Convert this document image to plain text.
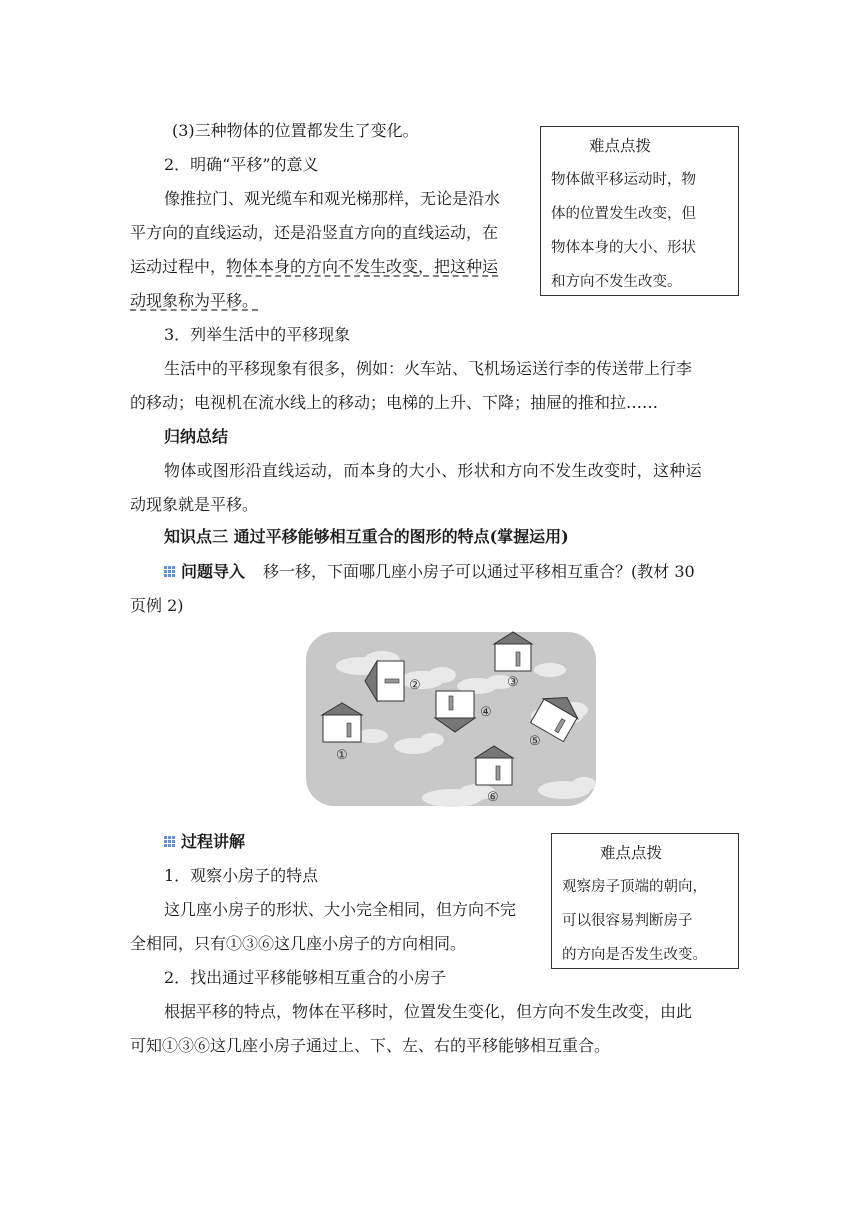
(3)三种物体的位置都发生了变化。
2．明确“平移”的意义
像推拉门、观光缆车和观光梯那样，无论是沿水
平方向的直线运动，还是沿竖直方向的直线运动，在
运动过程中，物体本身的方向不发生改变，把这种运
动现象称为平移。
难点点拨
物体做平移运动时，物
体的位置发生改变，但
物体本身的大小、形状
和方向不发生改变。
3．列举生活中的平移现象
生活中的平移现象有很多，例如：火车站、飞机场运送行李的传送带上行李
的移动；电视机在流水线上的移动；电梯的上升、下降；抽屉的推和拉……
归纳总结
物体或图形沿直线运动，而本身的大小、形状和方向不发生改变时，这种运
动现象就是平移。
知识点三 通过平移能够相互重合的图形的特点(掌握运用)
问题导入 移一移，下面哪几座小房子可以通过平移相互重合？(教材 30
页例 2)
①
②	③
④
⑤
⑥
过程讲解
1．观察小房子的特点
这几座小房子的形状、大小完全相同，但方向不完
全相同，只有①③⑥这几座小房子的方向相同。
难点点拨
观察房子顶端的朝向，
可以很容易判断房子
的方向是否发生改变。
2．找出通过平移能够相互重合的小房子
根据平移的特点，物体在平移时，位置发生变化，但方向不发生改变，由此
可知①③⑥这几座小房子通过上、下、左、右的平移能够相互重合。
